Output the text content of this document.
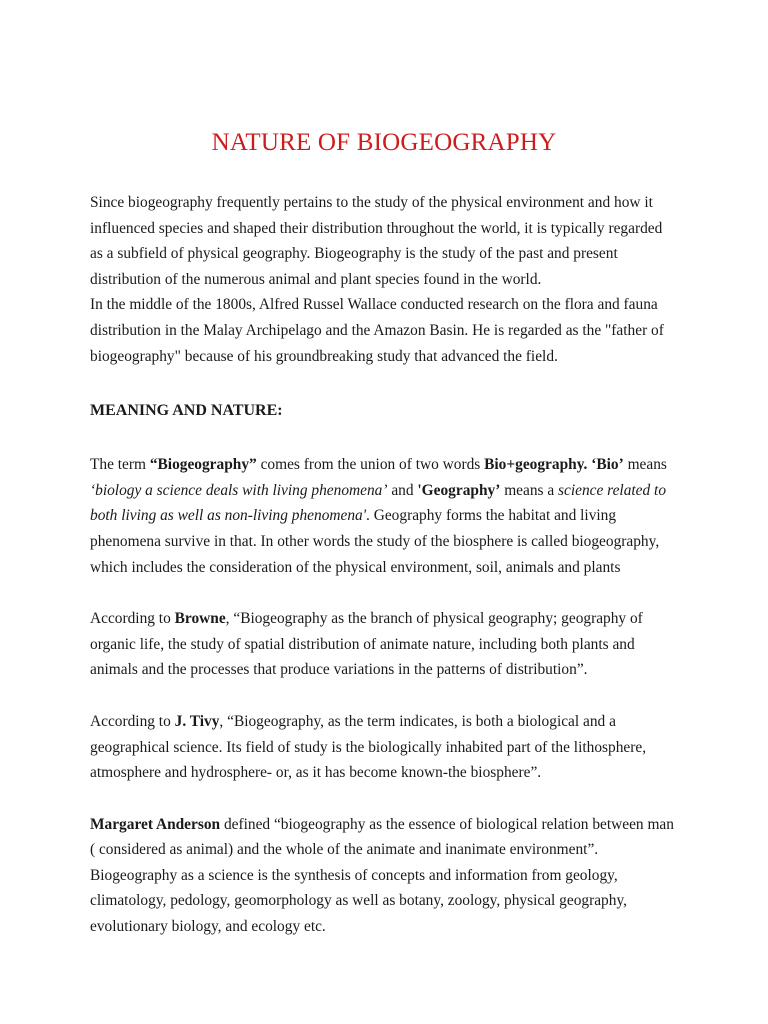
NATURE OF BIOGEOGRAPHY

Since biogeography frequently pertains to the study of the physical environment and how it influenced species and shaped their distribution throughout the world, it is typically regarded as a subfield of physical geography. Biogeography is the study of the past and present distribution of the numerous animal and plant species found in the world.

In the middle of the 1800s, Alfred Russel Wallace conducted research on the flora and fauna distribution in the Malay Archipelago and the Amazon Basin. He is regarded as the "father of biogeography" because of his groundbreaking study that advanced the field.

MEANING AND NATURE:

The term “Biogeography” comes from the union of two words Bio+geography. ‘Bio’ means ‘biology a science deals with living phenomena’ and 'Geography’ means a science related to both living as well as non-living phenomena'. Geography forms the habitat and living phenomena survive in that. In other words the study of the biosphere is called biogeography, which includes the consideration of the physical environment, soil, animals and plants

According to Browne, “Biogeography as the branch of physical geography; geography of organic life, the study of spatial distribution of animate nature, including both plants and animals and the processes that produce variations in the patterns of distribution”.

According to J. Tivy, “Biogeography, as the term indicates, is both a biological and a geographical science. Its field of study is the biologically inhabited part of the lithosphere, atmosphere and hydrosphere- or, as it has become known-the biosphere”.

Margaret Anderson defined “biogeography as the essence of biological relation between man ( considered as animal) and the whole of the animate and inanimate environment”.

Biogeography as a science is the synthesis of concepts and information from geology, climatology, pedology, geomorphology as well as botany, zoology, physical geography, evolutionary biology, and ecology etc.
